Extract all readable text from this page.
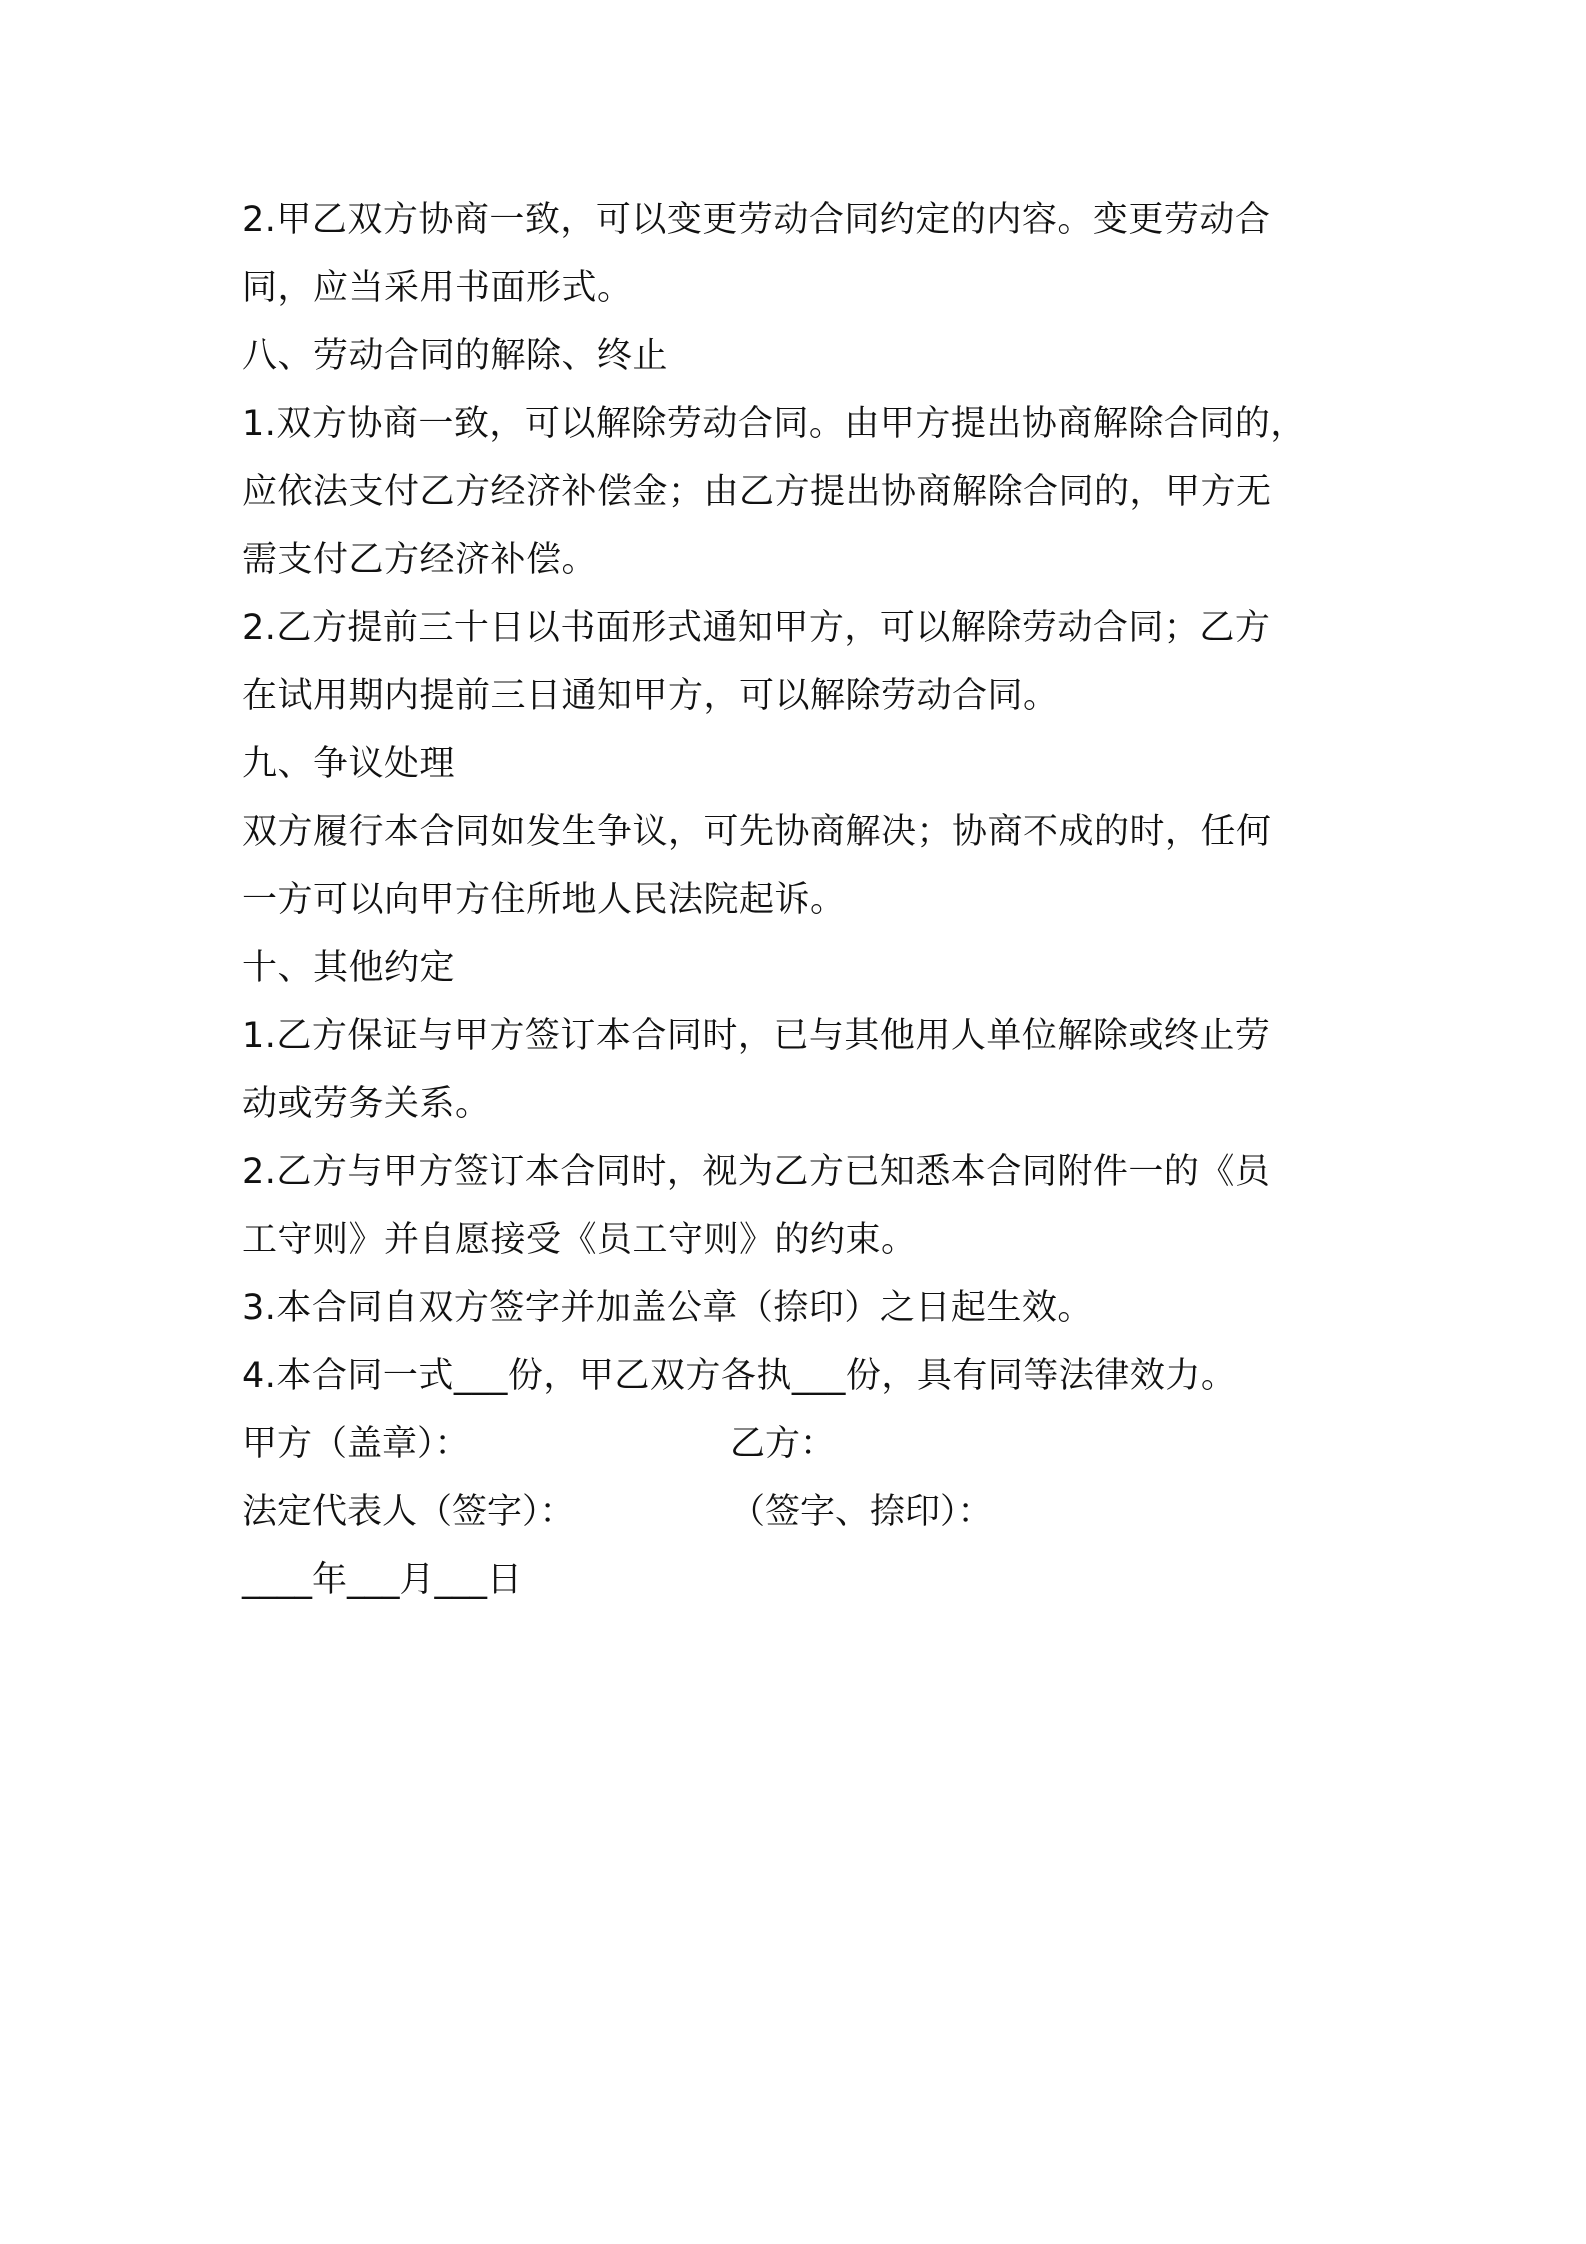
2.甲乙双方协商一致，可以变更劳动合同约定的内容。变更劳动合
同，应当采用书面形式。
八、劳动合同的解除、终止
1.双方协商一致，可以解除劳动合同。由甲方提出协商解除合同的，
应依法支付乙方经济补偿金；由乙方提出协商解除合同的，甲方无
需支付乙方经济补偿。
2.乙方提前三十日以书面形式通知甲方，可以解除劳动合同；乙方
在试用期内提前三日通知甲方，可以解除劳动合同。
九、争议处理
双方履行本合同如发生争议，可先协商解决；协商不成的时，任何
一方可以向甲方住所地人民法院起诉。
十、其他约定
1.乙方保证与甲方签订本合同时，已与其他用人单位解除或终止劳
动或劳务关系。
2.乙方与甲方签订本合同时，视为乙方已知悉本合同附件一的《员
工守则》并自愿接受《员工守则》的约束。
3.本合同自双方签字并加盖公章（捺印）之日起生效。
4.本合同一式___份，甲乙双方各执___份，具有同等法律效力。
甲方（盖章）：	乙方：
法定代表人（签字）：	（签字、捺印）：
____年___月___日
